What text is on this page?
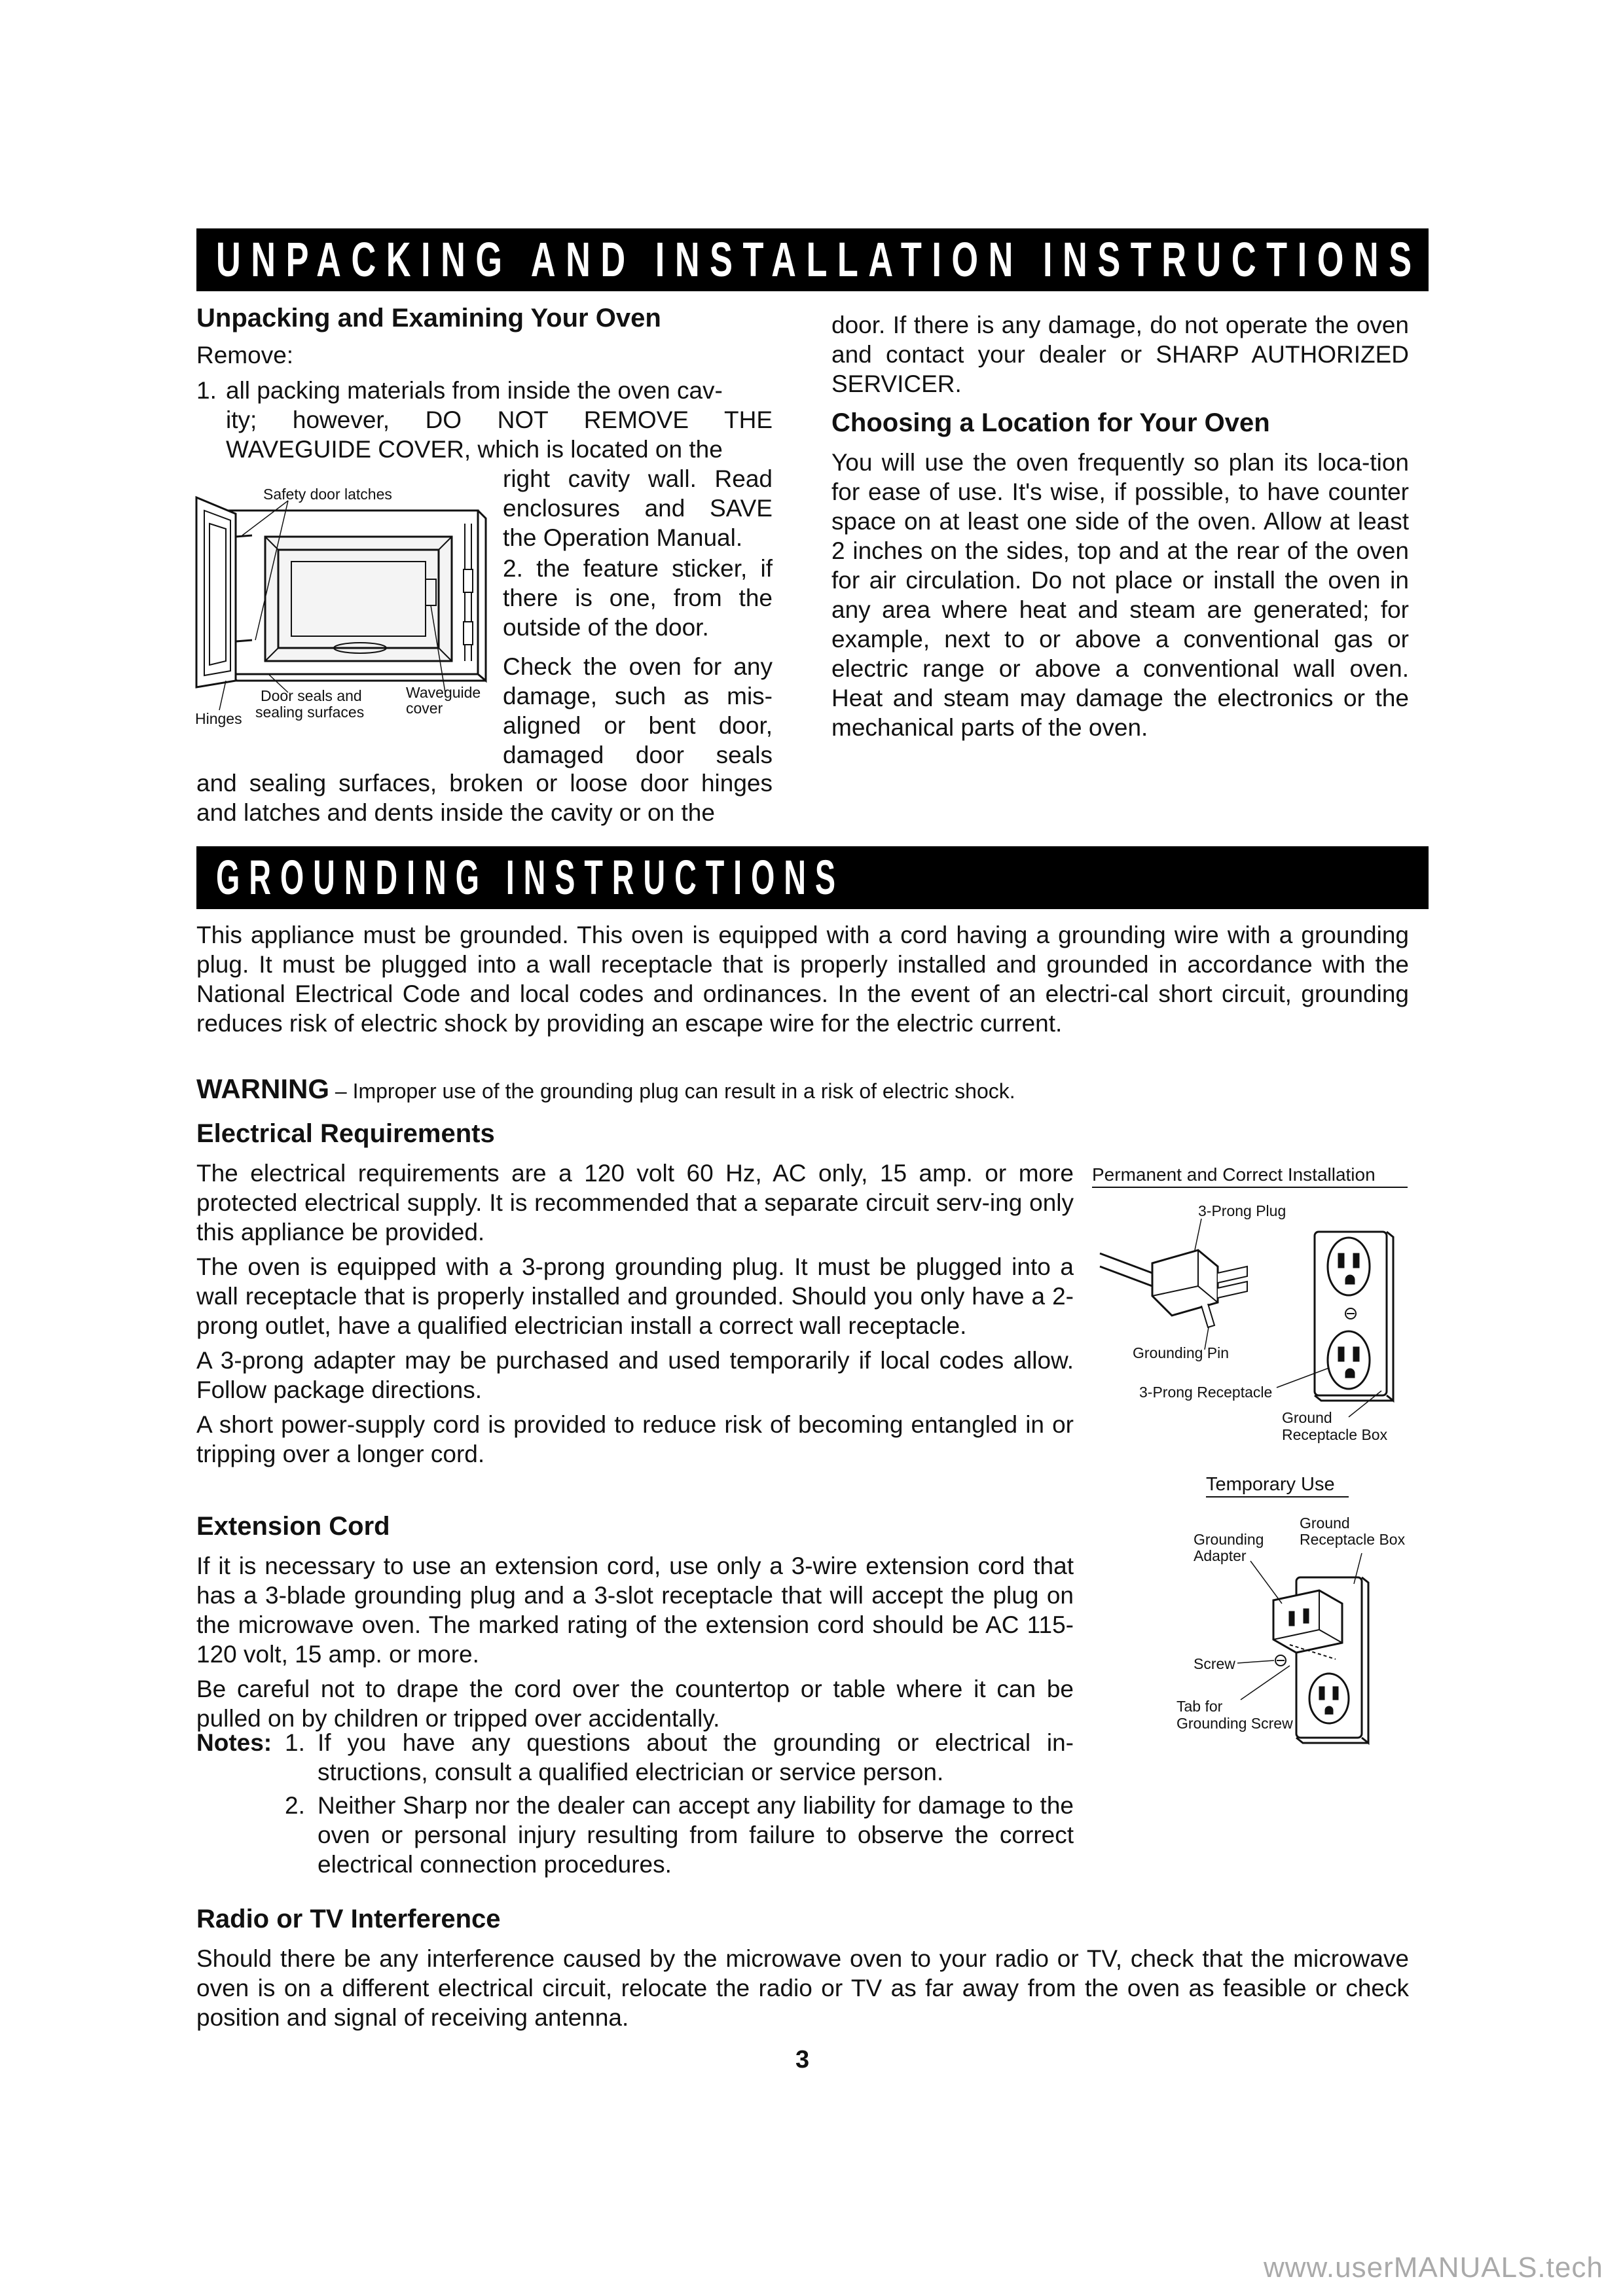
UNPACKING AND INSTALLATION INSTRUCTIONS
Unpacking and Examining Your Oven
Remove:
1. all packing materials from inside the oven cav-
ity; however, DO NOT REMOVE THE
WAVEGUIDE COVER, which is located on the
right cavity wall. Read enclosures and SAVE the Operation Manual.
2. the feature sticker, if there is one, from the outside of the door.
Check the oven for any damage, such as mis-aligned or bent door, damaged door seals
and sealing surfaces, broken or loose door hinges and latches and dents inside the cavity or on the
Safety door latches
Door seals and
sealing surfaces
Waveguide
cover
Hinges
door. If there is any damage, do not operate the oven and contact your dealer or SHARP AUTHORIZED SERVICER.
Choosing a Location for Your Oven
You will use the oven frequently so plan its loca-tion for ease of use. It's wise, if possible, to have counter space on at least one side of the oven. Allow at least 2 inches on the sides, top and at the rear of the oven for air circulation. Do not place or install the oven in any area where heat and steam are generated; for example, next to or above a conventional gas or electric range or above a conventional wall oven. Heat and steam may damage the electronics or the mechanical parts of the oven.
GROUNDING INSTRUCTIONS
This appliance must be grounded. This oven is equipped with a cord having a grounding wire with a grounding plug. It must be plugged into a wall receptacle that is properly installed and grounded in accordance with the National Electrical Code and local codes and ordinances. In the event of an electri-cal short circuit, grounding reduces risk of electric shock by providing an escape wire for the electric current.
WARNING – Improper use of the grounding plug can result in a risk of electric shock.
Electrical Requirements

The electrical requirements are a 120 volt 60 Hz, AC only, 15 amp. or more protected electrical supply. It is recommended that a separate circuit serv-ing only this appliance be provided.

The oven is equipped with a 3-prong grounding plug. It must be plugged into a wall receptacle that is properly installed and grounded. Should you only have a 2-prong outlet, have a qualified electrician install a correct wall receptacle.

A 3-prong adapter may be purchased and used temporarily if local codes allow. Follow package directions.

A short power-supply cord is provided to reduce risk of becoming entangled in or tripping over a longer cord.

Extension Cord

If it is necessary to use an extension cord, use only a 3-wire extension cord that has a 3-blade grounding plug and a 3-slot receptacle that will accept the plug on the microwave oven. The marked rating of the extension cord should be AC 115-120 volt, 15 amp. or more.

Be careful not to drape the cord over the countertop or table where it can be pulled on by children or tripped over accidentally.

Notes: 1. If you have any questions about the grounding or electrical in-structions, consult a qualified electrician or service person.
2. Neither Sharp nor the dealer can accept any liability for damage to the oven or personal injury resulting from failure to observe the correct electrical connection procedures.
Radio or TV Interference
Should there be any interference caused by the microwave oven to your radio or TV, check that the microwave oven is on a different electrical circuit, relocate the radio or TV as far away from the oven as feasible or check position and signal of receiving antenna.
Permanent and Correct Installation
3-Prong Plug
Grounding Pin
3-Prong Receptacle
Ground
Receptacle Box
Temporary Use
Ground
Receptacle Box
Grounding
Adapter
Screw
Tab for
Grounding Screw
3
www.userMANUALS.tech
